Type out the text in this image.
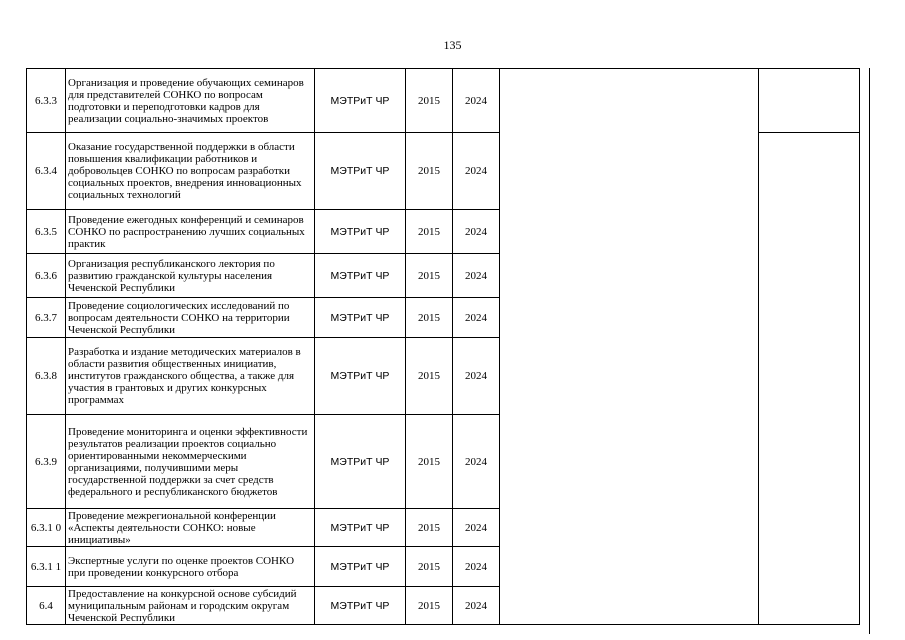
135
6.3.3	Организация и проведение обучающих семинаров для представителей СОНКО по вопросам подготовки и переподготовки кадров для реализации социально-значимых проектов	МЭТРиТ ЧР	2015	2024		
6.3.4	Оказание государственной поддержки в области повышения квалификации работников и добровольцев СОНКО по вопросам разработки социальных проектов, внедрения инновационных социальных технологий	МЭТРиТ ЧР	2015	2024		
6.3.5	Проведение ежегодных конференций и семинаров СОНКО по распространению лучших социальных практик	МЭТРиТ ЧР	2015	2024		
6.3.6	Организация республиканского лектория по развитию гражданской культуры населения Чеченской Республики	МЭТРиТ ЧР	2015	2024		
6.3.7	Проведение социологических исследований по вопросам деятельности СОНКО на территории Чеченской Республики	МЭТРиТ ЧР	2015	2024		
6.3.8	Разработка и издание методических материалов в области развития общественных инициатив, институтов гражданского общества, а также для участия в грантовых и других конкурсных программах	МЭТРиТ ЧР	2015	2024		
6.3.9	Проведение мониторинга и оценки эффективности результатов реализации проектов социально ориентированными некоммерческими организациями, получившими меры государственной поддержки за счет средств федерального и республиканского бюджетов	МЭТРиТ ЧР	2015	2024		
6.3.1 0	Проведение межрегиональной конференции «Аспекты деятельности СОНКО: новые инициативы»	МЭТРиТ ЧР	2015	2024		
6.3.1 1	Экспертные услуги по оценке проектов СОНКО при проведении конкурсного отбора	МЭТРиТ ЧР	2015	2024		
6.4	Предоставление на конкурсной основе субсидий муниципальным районам и городским округам Чеченской Республики	МЭТРиТ ЧР	2015	2024		
